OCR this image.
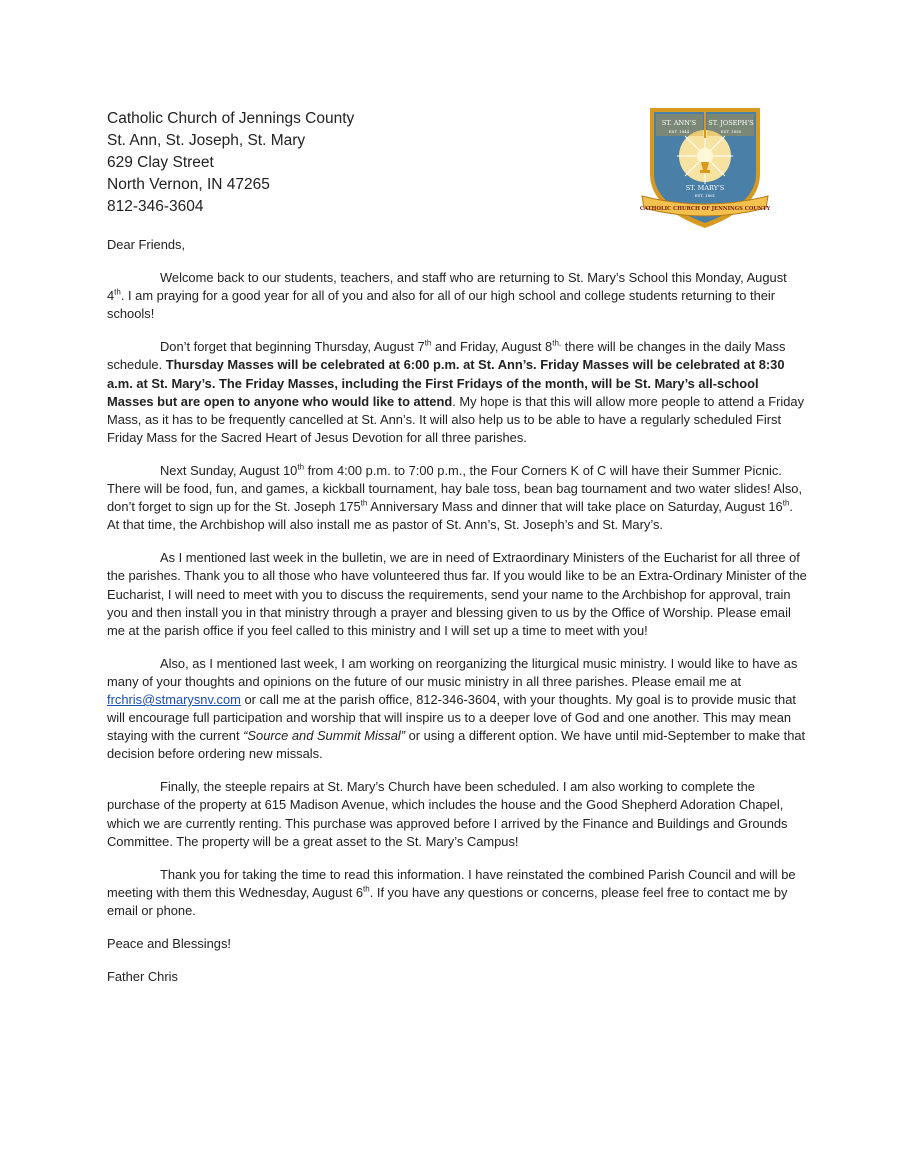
Catholic Church of Jennings County
St. Ann, St. Joseph, St. Mary
629 Clay Street
North Vernon, IN 47265
812-346-3604
ST. ANN'S
EST. 1844
ST. JOSEPH'S
EST. 1850
ST. MARY'S
EST. 1861
CATHOLIC CHURCH OF JENNINGS COUNTY

Dear Friends,

Welcome back to our students, teachers, and staff who are returning to St. Mary’s School this Monday, August 4th. I am praying for a good year for all of you and also for all of our high school and college students returning to their schools!

Don’t forget that beginning Thursday, August 7th and Friday, August $8^{th,}$ there will be changes in the daily Mass schedule. Thursday Masses will be celebrated at 6:00 p.m. at St. Ann’s. Friday Masses will be celebrated at 8:30 a.m. at St. Mary’s. The Friday Masses, including the First Fridays of the month, will be St. Mary’s all-school Masses but are open to anyone who would like to attend. My hope is that this will allow more people to attend a Friday Mass, as it has to be frequently cancelled at St. Ann’s. It will also help us to be able to have a regularly scheduled First Friday Mass for the Sacred Heart of Jesus Devotion for all three parishes.

Next Sunday, August 10th from 4:00 p.m. to 7:00 p.m., the Four Corners K of C will have their Summer Picnic. There will be food, fun, and games, a kickball tournament, hay bale toss, bean bag tournament and two water slides! Also, don’t forget to sign up for the St. Joseph 175th Anniversary Mass and dinner that will take place on Saturday, August 16th. At that time, the Archbishop will also install me as pastor of St. Ann’s, St. Joseph’s and St. Mary’s.

As I mentioned last week in the bulletin, we are in need of Extraordinary Ministers of the Eucharist for all three of the parishes. Thank you to all those who have volunteered thus far. If you would like to be an Extra-Ordinary Minister of the Eucharist, I will need to meet with you to discuss the requirements, send your name to the Archbishop for approval, train you and then install you in that ministry through a prayer and blessing given to us by the Office of Worship. Please email me at the parish office if you feel called to this ministry and I will set up a time to meet with you!

Also, as I mentioned last week, I am working on reorganizing the liturgical music ministry. I would like to have as many of your thoughts and opinions on the future of our music ministry in all three parishes. Please email me at frchris@stmarysnv.com or call me at the parish office, 812-346-3604, with your thoughts. My goal is to provide music that will encourage full participation and worship that will inspire us to a deeper love of God and one another. This may mean staying with the current “Source and Summit Missal” or using a different option. We have until mid-September to make that decision before ordering new missals.

Finally, the steeple repairs at St. Mary’s Church have been scheduled. I am also working to complete the purchase of the property at 615 Madison Avenue, which includes the house and the Good Shepherd Adoration Chapel, which we are currently renting. This purchase was approved before I arrived by the Finance and Buildings and Grounds Committee. The property will be a great asset to the St. Mary’s Campus!

Thank you for taking the time to read this information. I have reinstated the combined Parish Council and will be meeting with them this Wednesday, August 6th. If you have any questions or concerns, please feel free to contact me by email or phone.

Peace and Blessings!

Father Chris
